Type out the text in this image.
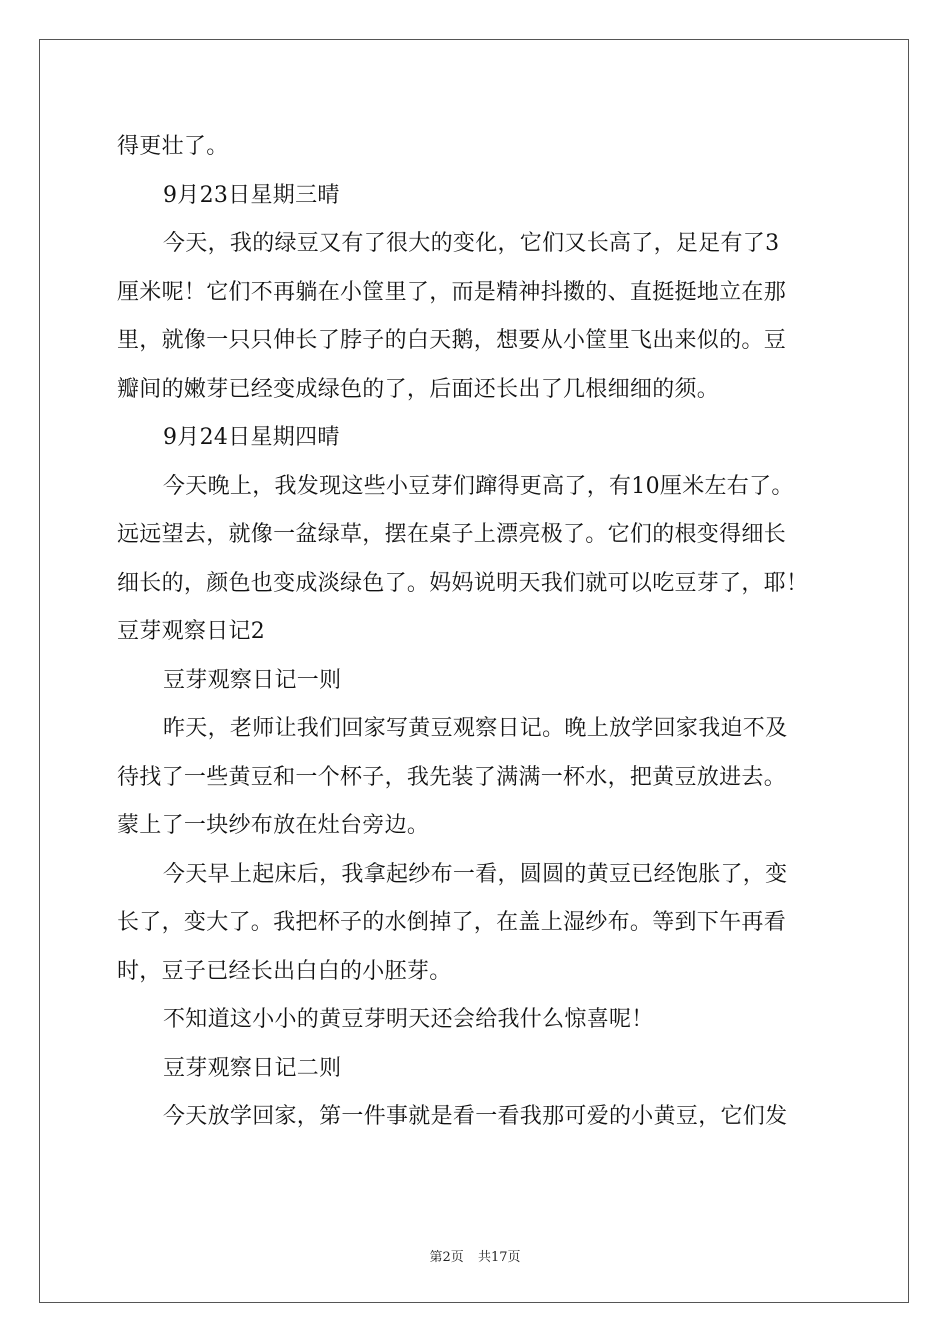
得更壮了。
9月23日星期三晴
今天，我的绿豆又有了很大的变化，它们又长高了，足足有了3
厘米呢！它们不再躺在小筐里了，而是精神抖擞的、直挺挺地立在那
里，就像一只只伸长了脖子的白天鹅，想要从小筐里飞出来似的。豆
瓣间的嫩芽已经变成绿色的了，后面还长出了几根细细的须。
9月24日星期四晴
今天晚上，我发现这些小豆芽们蹿得更高了，有10厘米左右了。
远远望去，就像一盆绿草，摆在桌子上漂亮极了。它们的根变得细长
细长的，颜色也变成淡绿色了。妈妈说明天我们就可以吃豆芽了，耶！
豆芽观察日记2
豆芽观察日记一则
昨天，老师让我们回家写黄豆观察日记。晚上放学回家我迫不及
待找了一些黄豆和一个杯子，我先装了满满一杯水，把黄豆放进去。
蒙上了一块纱布放在灶台旁边。
今天早上起床后，我拿起纱布一看，圆圆的黄豆已经饱胀了，变
长了，变大了。我把杯子的水倒掉了，在盖上湿纱布。等到下午再看
时，豆子已经长出白白的小胚芽。
不知道这小小的黄豆芽明天还会给我什么惊喜呢！
豆芽观察日记二则
今天放学回家，第一件事就是看一看我那可爱的小黄豆，它们发
第2页 共17页
